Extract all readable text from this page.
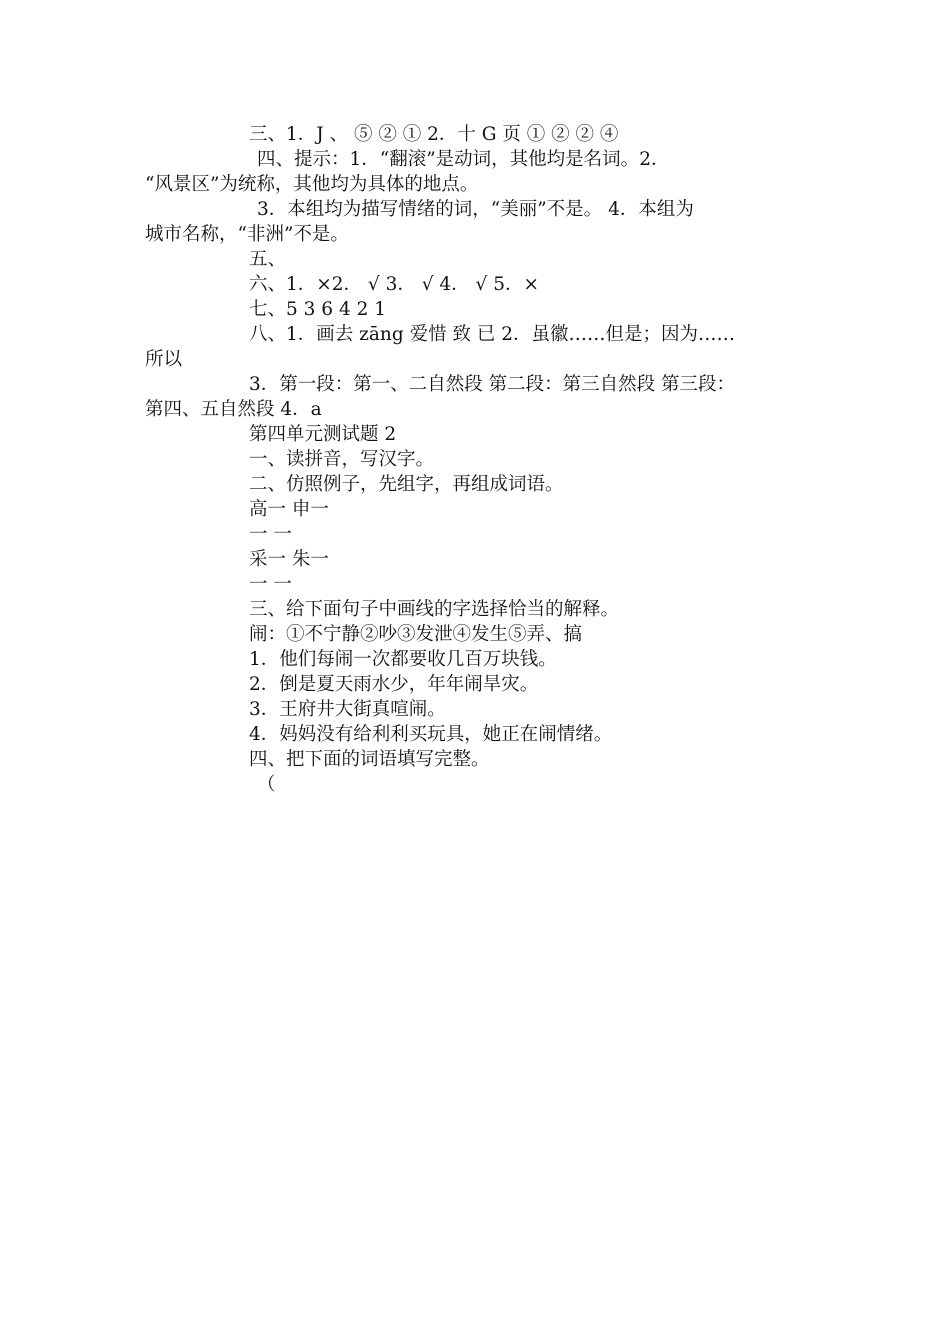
三、1．J 、 ⑤ ② ① 2．十 G 页 ① ② ② ④
四、提示：1．“翻滚”是动词，其他均是名词。2．
“风景区”为统称，其他均为具体的地点。
3．本组均为描写情绪的词，“美丽”不是。 4．本组为
城市名称，“非洲”不是。
五、
六、1．×2． √ 3． √ 4． √ 5．×
七、5 3 6 4 2 1
八、1．画去 zāng 爱惜 致 已 2．虽徽……但是；因为……
所以
3．第一段：第一、二自然段 第二段：第三自然段 第三段：
第四、五自然段 4．a
第四单元测试题 2
一、读拼音，写汉字。
二、仿照例子，先组字，再组成词语。
高一 申一
一 一
采一 朱一
一 一
三、给下面句子中画线的字选择恰当的解释。
闹：①不宁静②吵③发泄④发生⑤弄、搞
1．他们每闹一次都要收几百万块钱。
2．倒是夏天雨水少，年年闹旱灾。
3．王府井大街真喧闹。
4．妈妈没有给利利买玩具，她正在闹情绪。
四、把下面的词语填写完整。
（
